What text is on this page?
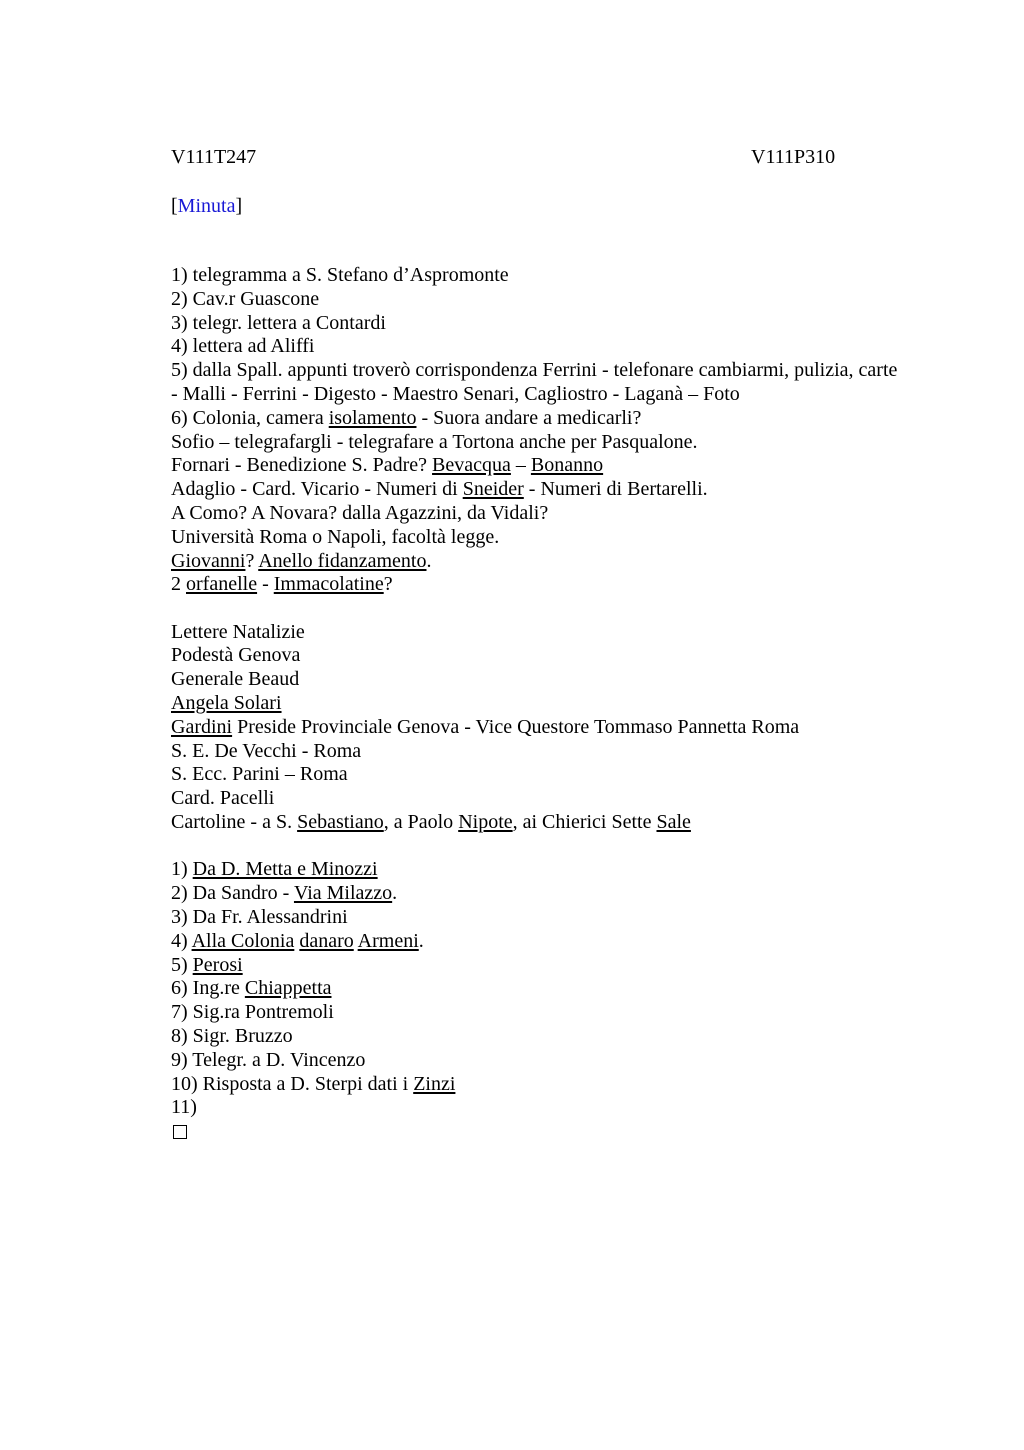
V111T247	V111P310
[Minuta]
1) telegramma a S. Stefano d’Aspromonte
2) Cav.r Guascone
3) telegr. lettera a Contardi
4) lettera ad Aliffi
5) dalla Spall. appunti troverò corrispondenza Ferrini - telefonare cambiarmi, pulizia, carte
- Malli - Ferrini - Digesto - Maestro Senari, Cagliostro - Laganà – Foto
6) Colonia, camera isolamento - Suora andare a medicarli?
Sofio – telegrafargli - telegrafare a Tortona anche per Pasqualone.
Fornari - Benedizione S. Padre? Bevacqua – Bonanno
Adaglio - Card. Vicario - Numeri di Sneider - Numeri di Bertarelli.
A Como? A Novara? dalla Agazzini, da Vidali?
Università Roma o Napoli, facoltà legge.
Giovanni? Anello fidanzamento.
2 orfanelle - Immacolatine?
Lettere Natalizie
Podestà Genova
Generale Beaud
Angela Solari
Gardini Preside Provinciale Genova - Vice Questore Tommaso Pannetta Roma
S. E. De Vecchi - Roma
S. Ecc. Parini – Roma
Card. Pacelli
Cartoline - a S. Sebastiano, a Paolo Nipote, ai Chierici Sette Sale
1) Da D. Metta e Minozzi
2) Da Sandro - Via Milazzo.
3) Da Fr. Alessandrini
4) Alla Colonia danaro Armeni.
5) Perosi
6) Ing.re Chiappetta
7) Sig.ra Pontremoli
8) Sigr. Bruzzo
9) Telegr. a D. Vincenzo
10) Risposta a D. Sterpi dati i Zinzi
11)
